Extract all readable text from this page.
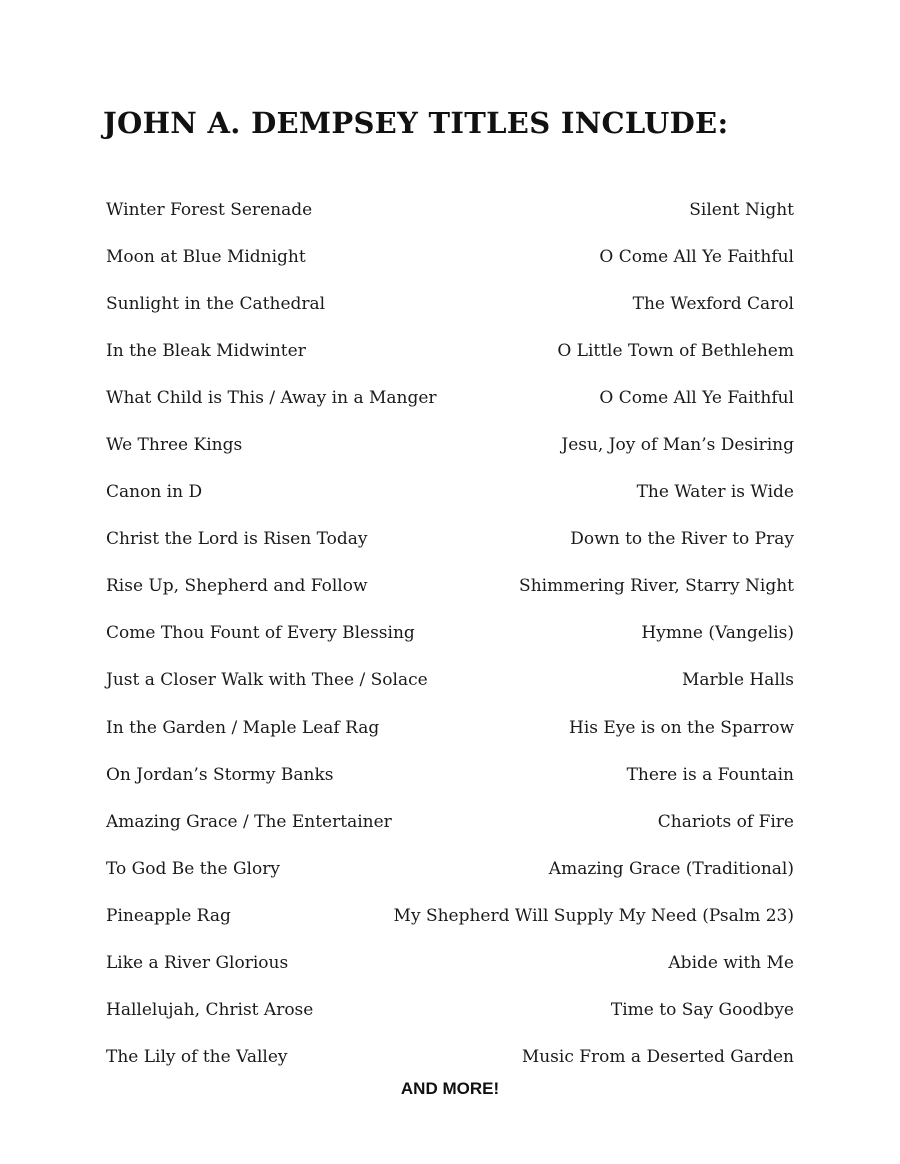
JOHN A. DEMPSEY TITLES INCLUDE:
Winter Forest Serenade	Silent Night
Moon at Blue Midnight	O Come All Ye Faithful
Sunlight in the Cathedral	The Wexford Carol
In the Bleak Midwinter	O Little Town of Bethlehem
What Child is This / Away in a Manger	O Come All Ye Faithful
We Three Kings	Jesu, Joy of Man’s Desiring
Canon in D	The Water is Wide
Christ the Lord is Risen Today	Down to the River to Pray
Rise Up, Shepherd and Follow	Shimmering River, Starry Night
Come Thou Fount of Every Blessing	Hymne (Vangelis)
Just a Closer Walk with Thee / Solace	Marble Halls
In the Garden / Maple Leaf Rag	His Eye is on the Sparrow
On Jordan’s Stormy Banks	There is a Fountain
Amazing Grace / The Entertainer	Chariots of Fire
To God Be the Glory	Amazing Grace (Traditional)
Pineapple Rag	My Shepherd Will Supply My Need (Psalm 23)
Like a River Glorious	Abide with Me
Hallelujah, Christ Arose	Time to Say Goodbye
The Lily of the Valley	Music From a Deserted Garden
AND MORE!
